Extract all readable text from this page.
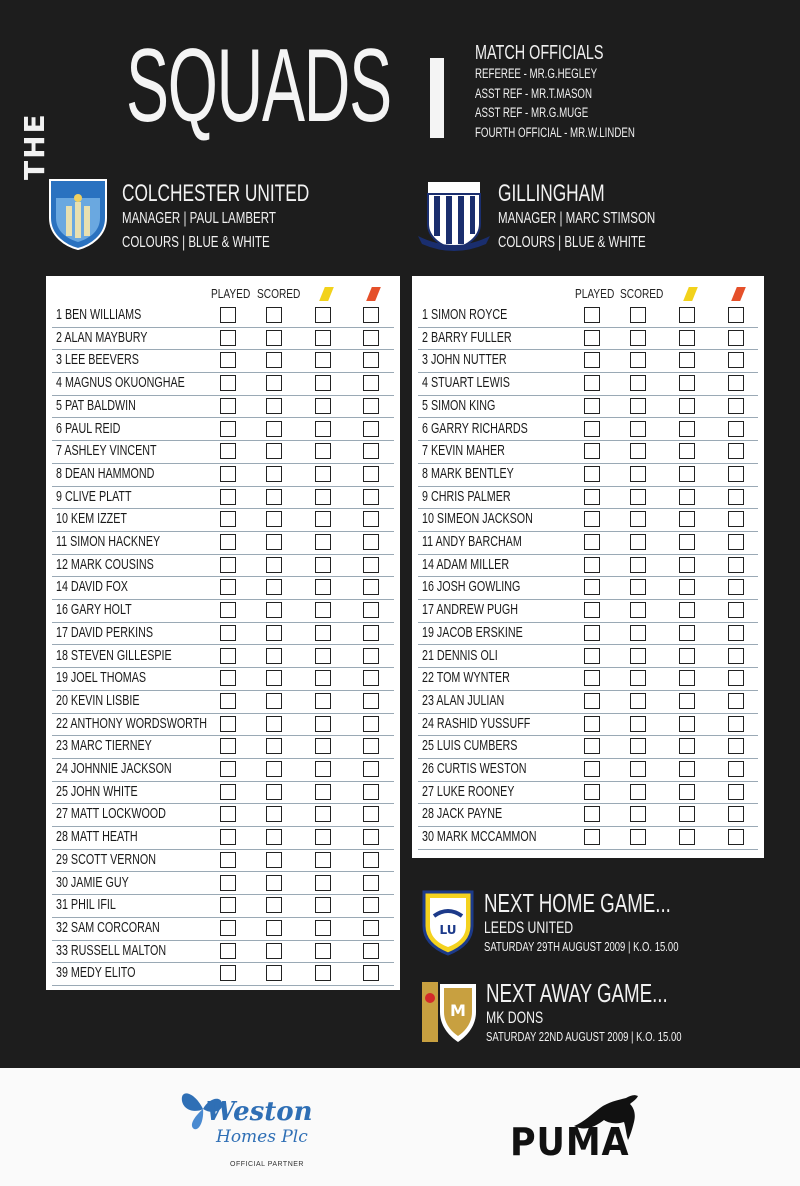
THE
SQUADS	MATCH OFFICIALS
REFEREE - MR.G.HEGLEY
ASST REF - MR.T.MASON
ASST REF - MR.G.MUGE
FOURTH OFFICIAL - MR.W.LINDEN
COLCHESTER UNITED
MANAGER | PAUL LAMBERT
COLOURS | BLUE & WHITE
GILLINGHAM
MANAGER | MARC STIMSON
COLOURS | BLUE & WHITE
PLAYED SCORED
1 BEN WILLIAMS
2 ALAN MAYBURY
3 LEE BEEVERS
4 MAGNUS OKUONGHAE
5 PAT BALDWIN
6 PAUL REID
7 ASHLEY VINCENT
8 DEAN HAMMOND
9 CLIVE PLATT
10 KEM IZZET
11 SIMON HACKNEY
12 MARK COUSINS
14 DAVID FOX
16 GARY HOLT
17 DAVID PERKINS
18 STEVEN GILLESPIE
19 JOEL THOMAS
20 KEVIN LISBIE
22 ANTHONY WORDSWORTH
23 MARC TIERNEY
24 JOHNNIE JACKSON
25 JOHN WHITE
27 MATT LOCKWOOD
28 MATT HEATH
29 SCOTT VERNON
30 JAMIE GUY
31 PHIL IFIL
32 SAM CORCORAN
33 RUSSELL MALTON
39 MEDY ELITO
PLAYED SCORED
1 SIMON ROYCE
2 BARRY FULLER
3 JOHN NUTTER
4 STUART LEWIS
5 SIMON KING
6 GARRY RICHARDS
7 KEVIN MAHER
8 MARK BENTLEY
9 CHRIS PALMER
10 SIMEON JACKSON
11 ANDY BARCHAM
14 ADAM MILLER
16 JOSH GOWLING
17 ANDREW PUGH
19 JACOB ERSKINE
21 DENNIS OLI
22 TOM WYNTER
23 ALAN JULIAN
24 RASHID YUSSUFF
25 LUIS CUMBERS
26 CURTIS WESTON
27 LUKE ROONEY
28 JACK PAYNE
30 MARK MCCAMMON
LU
NEXT HOME GAME...
LEEDS UNITED
SATURDAY 29TH AUGUST 2009 | K.O. 15.00
M
NEXT AWAY GAME...
MK DONS
SATURDAY 22ND AUGUST 2009 | K.O. 15.00
Weston
Homes Plc
OFFICIAL PARTNER
PUMA
